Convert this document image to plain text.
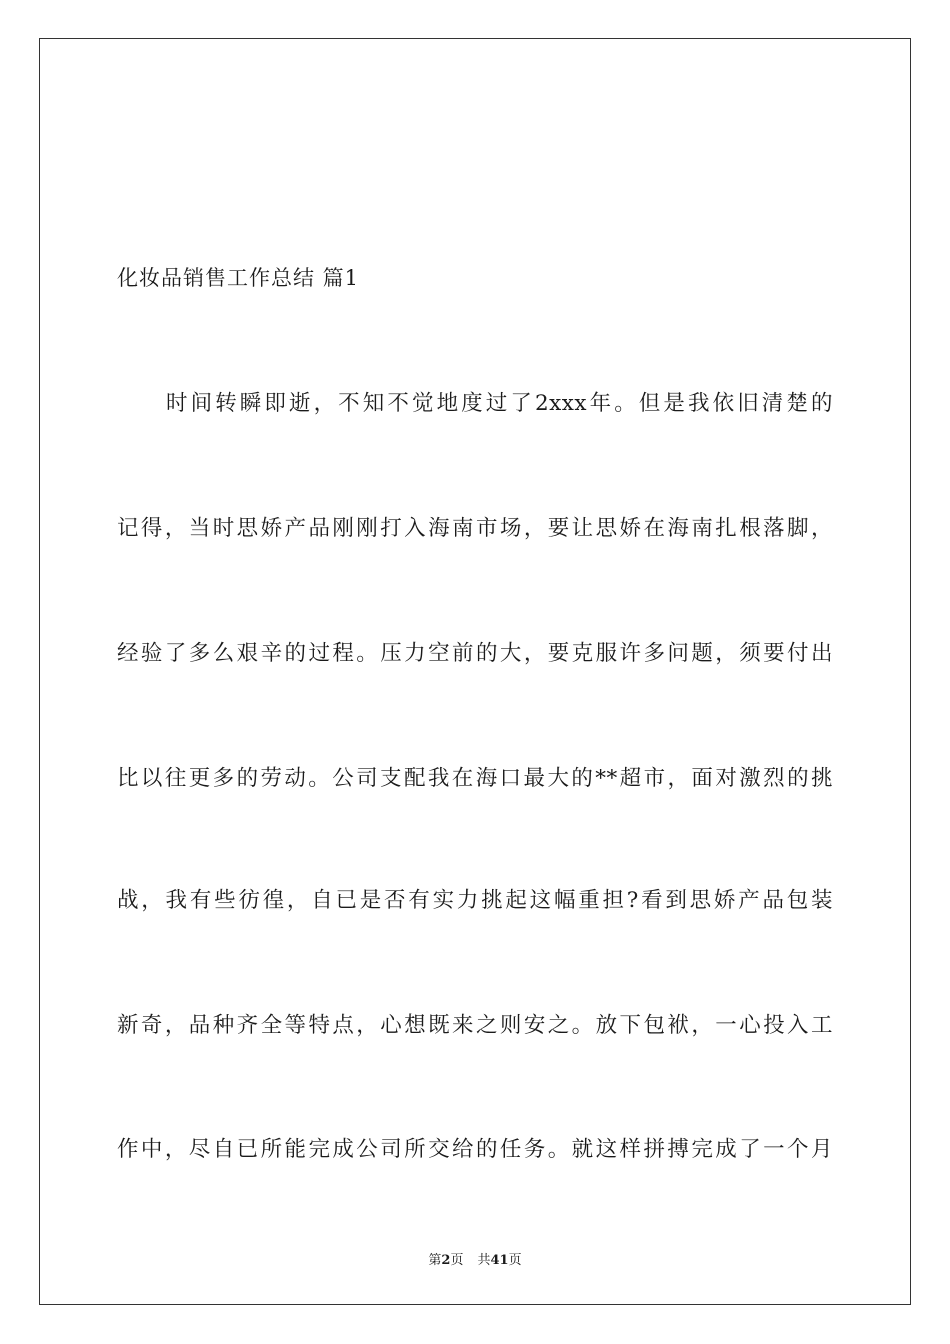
化妆品销售工作总结 篇1
时间转瞬即逝，不知不觉地度过了2xxx年。但是我依旧清楚的
记得，当时思娇产品刚刚打入海南市场，要让思娇在海南扎根落脚，
经验了多么艰辛的过程。压力空前的大，要克服许多问题，须要付出
比以往更多的劳动。公司支配我在海口最大的**超市，面对激烈的挑
战，我有些彷徨，自已是否有实力挑起这幅重担?看到思娇产品包装
新奇，品种齐全等特点，心想既来之则安之。放下包袱，一心投入工
作中，尽自已所能完成公司所交给的任务。就这样拼搏完成了一个月
第2页 共41页
